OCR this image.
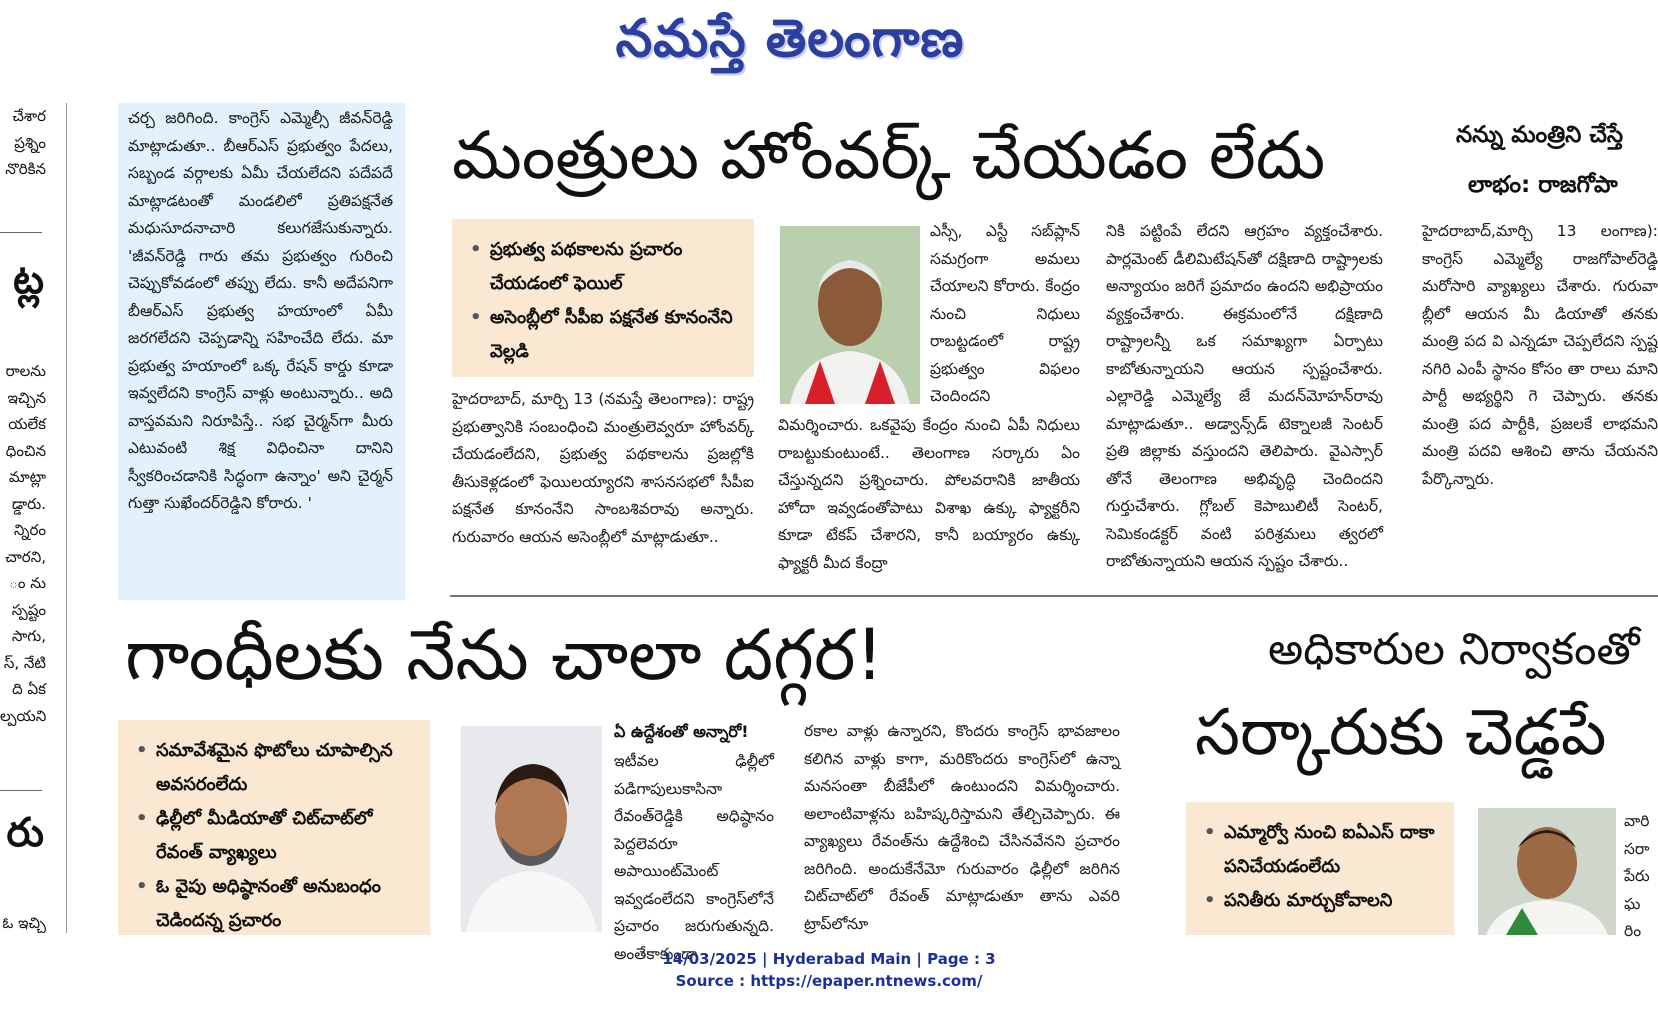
నమస్తే తెలంగాణ
చేశార
ప్రశ్నిం
నొరికిన
ట్ల
రాలను
ఇచ్చిన
యలేక
ధించిన
మాట్లా
డ్డారు.
న్నిరం
చారని,
ం ను
స్పష్టం
సాగు,
స్, నేటి
ది ఏక
ల్పయని
రు
ఓ ఇచ్చి
చర్చ జరిగింది. కాంగ్రెస్ ఎమ్మెల్సీ జీవన్‌రెడ్డి మాట్లాడుతూ.. బీఆర్‌ఎస్ ప్రభుత్వం పేదలు, సబ్బండ వర్గాలకు ఏమీ చేయలేదని పదేపదే మాట్లాడటంతో మండలిలో ప్రతిపక్షనేత మధుసూదనాచారి కలుగజేసుకున్నారు. 'జీవన్‌రెడ్డి గారు తమ ప్రభుత్వం గురించి చెప్పుకోవడంలో తప్పు లేదు. కానీ అదేపనిగా బీఆర్‌ఎస్ ప్రభుత్వ హయాంలో ఏమీ జరగలేదని చెప్పడాన్ని సహించేది లేదు. మా ప్రభుత్వ హయాంలో ఒక్క రేషన్ కార్డు కూడా ఇవ్వలేదని కాంగ్రెస్ వాళ్లు అంటున్నారు.. అది వాస్తవమని నిరూపిస్తే.. సభ చైర్మన్‌గా మీరు ఎటువంటి శిక్ష విధించినా దానిని స్వీకరించడానికి సిద్ధంగా ఉన్నాం' అని చైర్మన్ గుత్తా సుఖేందర్‌రెడ్డిని కోరారు. '
మంత్రులు హోంవర్క్ చేయడం లేదు
• ప్రభుత్వ పథకాలను ప్రచారం చేయడంలో ఫెయిల్
• అసెంబ్లీలో సీపీఐ పక్షనేత కూనంనేని వెల్లడి
హైదరాబాద్, మార్చి 13 (నమస్తే తెలంగాణ): రాష్ట్ర ప్రభుత్వానికి సంబంధించి మంత్రులెవ్వరూ హోంవర్క్ చేయడంలేదని, ప్రభుత్వ పథకాలను ప్రజల్లోకి తీసుకెళ్లడంలో ఫెయిలయ్యారని శాసనసభలో సీపీఐ పక్షనేత కూనంనేని సాంబశివరావు అన్నారు. గురువారం ఆయన అసెంబ్లీలో మాట్లాడుతూ..
ఎస్సీ, ఎస్టీ సబ్‌ప్లాన్ సమగ్రంగా అమలు చేయాలని కోరారు. కేంద్రం నుంచి నిధులు రాబట్టడంలో రాష్ట్ర ప్రభుత్వం విఫలం చెందిందని
విమర్శించారు. ఒకవైపు కేంద్రం నుంచి ఏపీ నిధులు రాబట్టుకుంటుంటే.. తెలంగాణ సర్కారు ఏం చేస్తున్నదని ప్రశ్నించారు. పోలవరానికి జాతీయ హోదా ఇవ్వడంతోపాటు విశాఖ ఉక్కు ఫ్యాక్టరీని కూడా టేకప్ చేశారని, కానీ బయ్యారం ఉక్కు ఫ్యాక్టరీ మీద కేంద్రా
నికి పట్టింపే లేదని ఆగ్రహం వ్యక్తంచేశారు. పార్లమెంట్ డీలిమిటేషన్‌తో దక్షిణాది రాష్ట్రాలకు అన్యాయం జరిగే ప్రమాదం ఉందని అభిప్రాయం వ్యక్తంచేశారు. ఈక్రమంలోనే దక్షిణాది రాష్ట్రాలన్నీ ఒక సమాఖ్యగా ఏర్పాటు కాబోతున్నాయని ఆయన స్పష్టంచేశారు. ఎల్లారెడ్డి ఎమ్మెల్యే జే మదన్‌మోహన్‌రావు మాట్లాడుతూ.. అడ్వాన్స్‌డ్ టెక్నాలజీ సెంటర్ ప్రతి జిల్లాకు వస్తుందని తెలిపారు. వైఎస్సార్ తోనే తెలంగాణ అభివృద్ధి చెందిందని గుర్తుచేశారు. గ్లోబల్ కెపాబులిటీ సెంటర్, సెమికండక్టర్ వంటి పరిశ్రమలు త్వరలో రాబోతున్నాయని ఆయన స్పష్టం చేశారు..
నన్ను మంత్రిని చేస్తే
లాభం: రాజగోపా
హైదరాబాద్,మార్చి 13 లంగాణ): కాంగ్రెస్ ఎమ్మెల్యే రాజగోపాల్‌రెడ్డి మరోసారి వ్యాఖ్యలు చేశారు. గురువా బ్లీలో ఆయన మీ డియాతో తనకు మంత్రి పద వి ఎన్నడూ చెప్పలేదని స్పష్ట నగిరి ఎంపీ స్థానం కోసం తా రాలు మాని పార్టీ అభ్యర్థిని గె చెప్పారు. తనకు మంత్రి పద పార్టీకి, ప్రజలకే లాభమని మంత్రి పదవి ఆశించి తాను చేయనని పేర్కొన్నారు.
గాంధీలకు నేను చాలా దగ్గర!
• సమావేశమైన ఫొటోలు చూపాల్సిన అవసరంలేదు
• ఢిల్లీలో మీడియాతో చిట్‌చాట్‌లో రేవంత్ వ్యాఖ్యలు
• ఓ వైపు అధిష్ఠానంతో అనుబంధం చెడిందన్న ప్రచారం
ఏ ఉద్దేశంతో అన్నారో!
ఇటీవల ఢిల్లీలో పడిగాపులుకాసినా రేవంత్‌రెడ్డికి అధిష్ఠానం పెద్దలెవరూ అపాయింట్‌మెంట్ ఇవ్వడంలేదని కాంగ్రెస్‌లోనే ప్రచారం జరుగుతున్నది. అంతేకాకుండా
రకాల వాళ్లు ఉన్నారని, కొందరు కాంగ్రెస్ భావజాలం కలిగిన వాళ్లు కాగా, మరికొందరు కాంగ్రెస్‌లో ఉన్నా మనసంతా బీజేపీలో ఉంటుందని విమర్శించారు. అలాంటివాళ్లను బహిష్కరిస్తామని తేల్చిచెప్పారు. ఈ వ్యాఖ్యలు రేవంత్‌ను ఉద్దేశించి చేసినవేనని ప్రచారం జరిగింది. అందుకేనేమో గురువారం ఢిల్లీలో జరిగిన చిట్‌చాట్‌లో రేవంత్ మాట్లాడుతూ తాను ఎవరి ట్రాప్‌లోనూ
అధికారుల నిర్వాకంతో
సర్కారుకు చెడ్డపే
• ఎమ్మార్వో నుంచి ఐఏఎస్ దాకా పనిచేయడంలేదు
• పనితీరు మార్చుకోవాలని
వారి
సరా
పేరు
ఘ
రిం
14/03/2025 | Hyderabad Main | Page : 3
Source : https://epaper.ntnews.com/
